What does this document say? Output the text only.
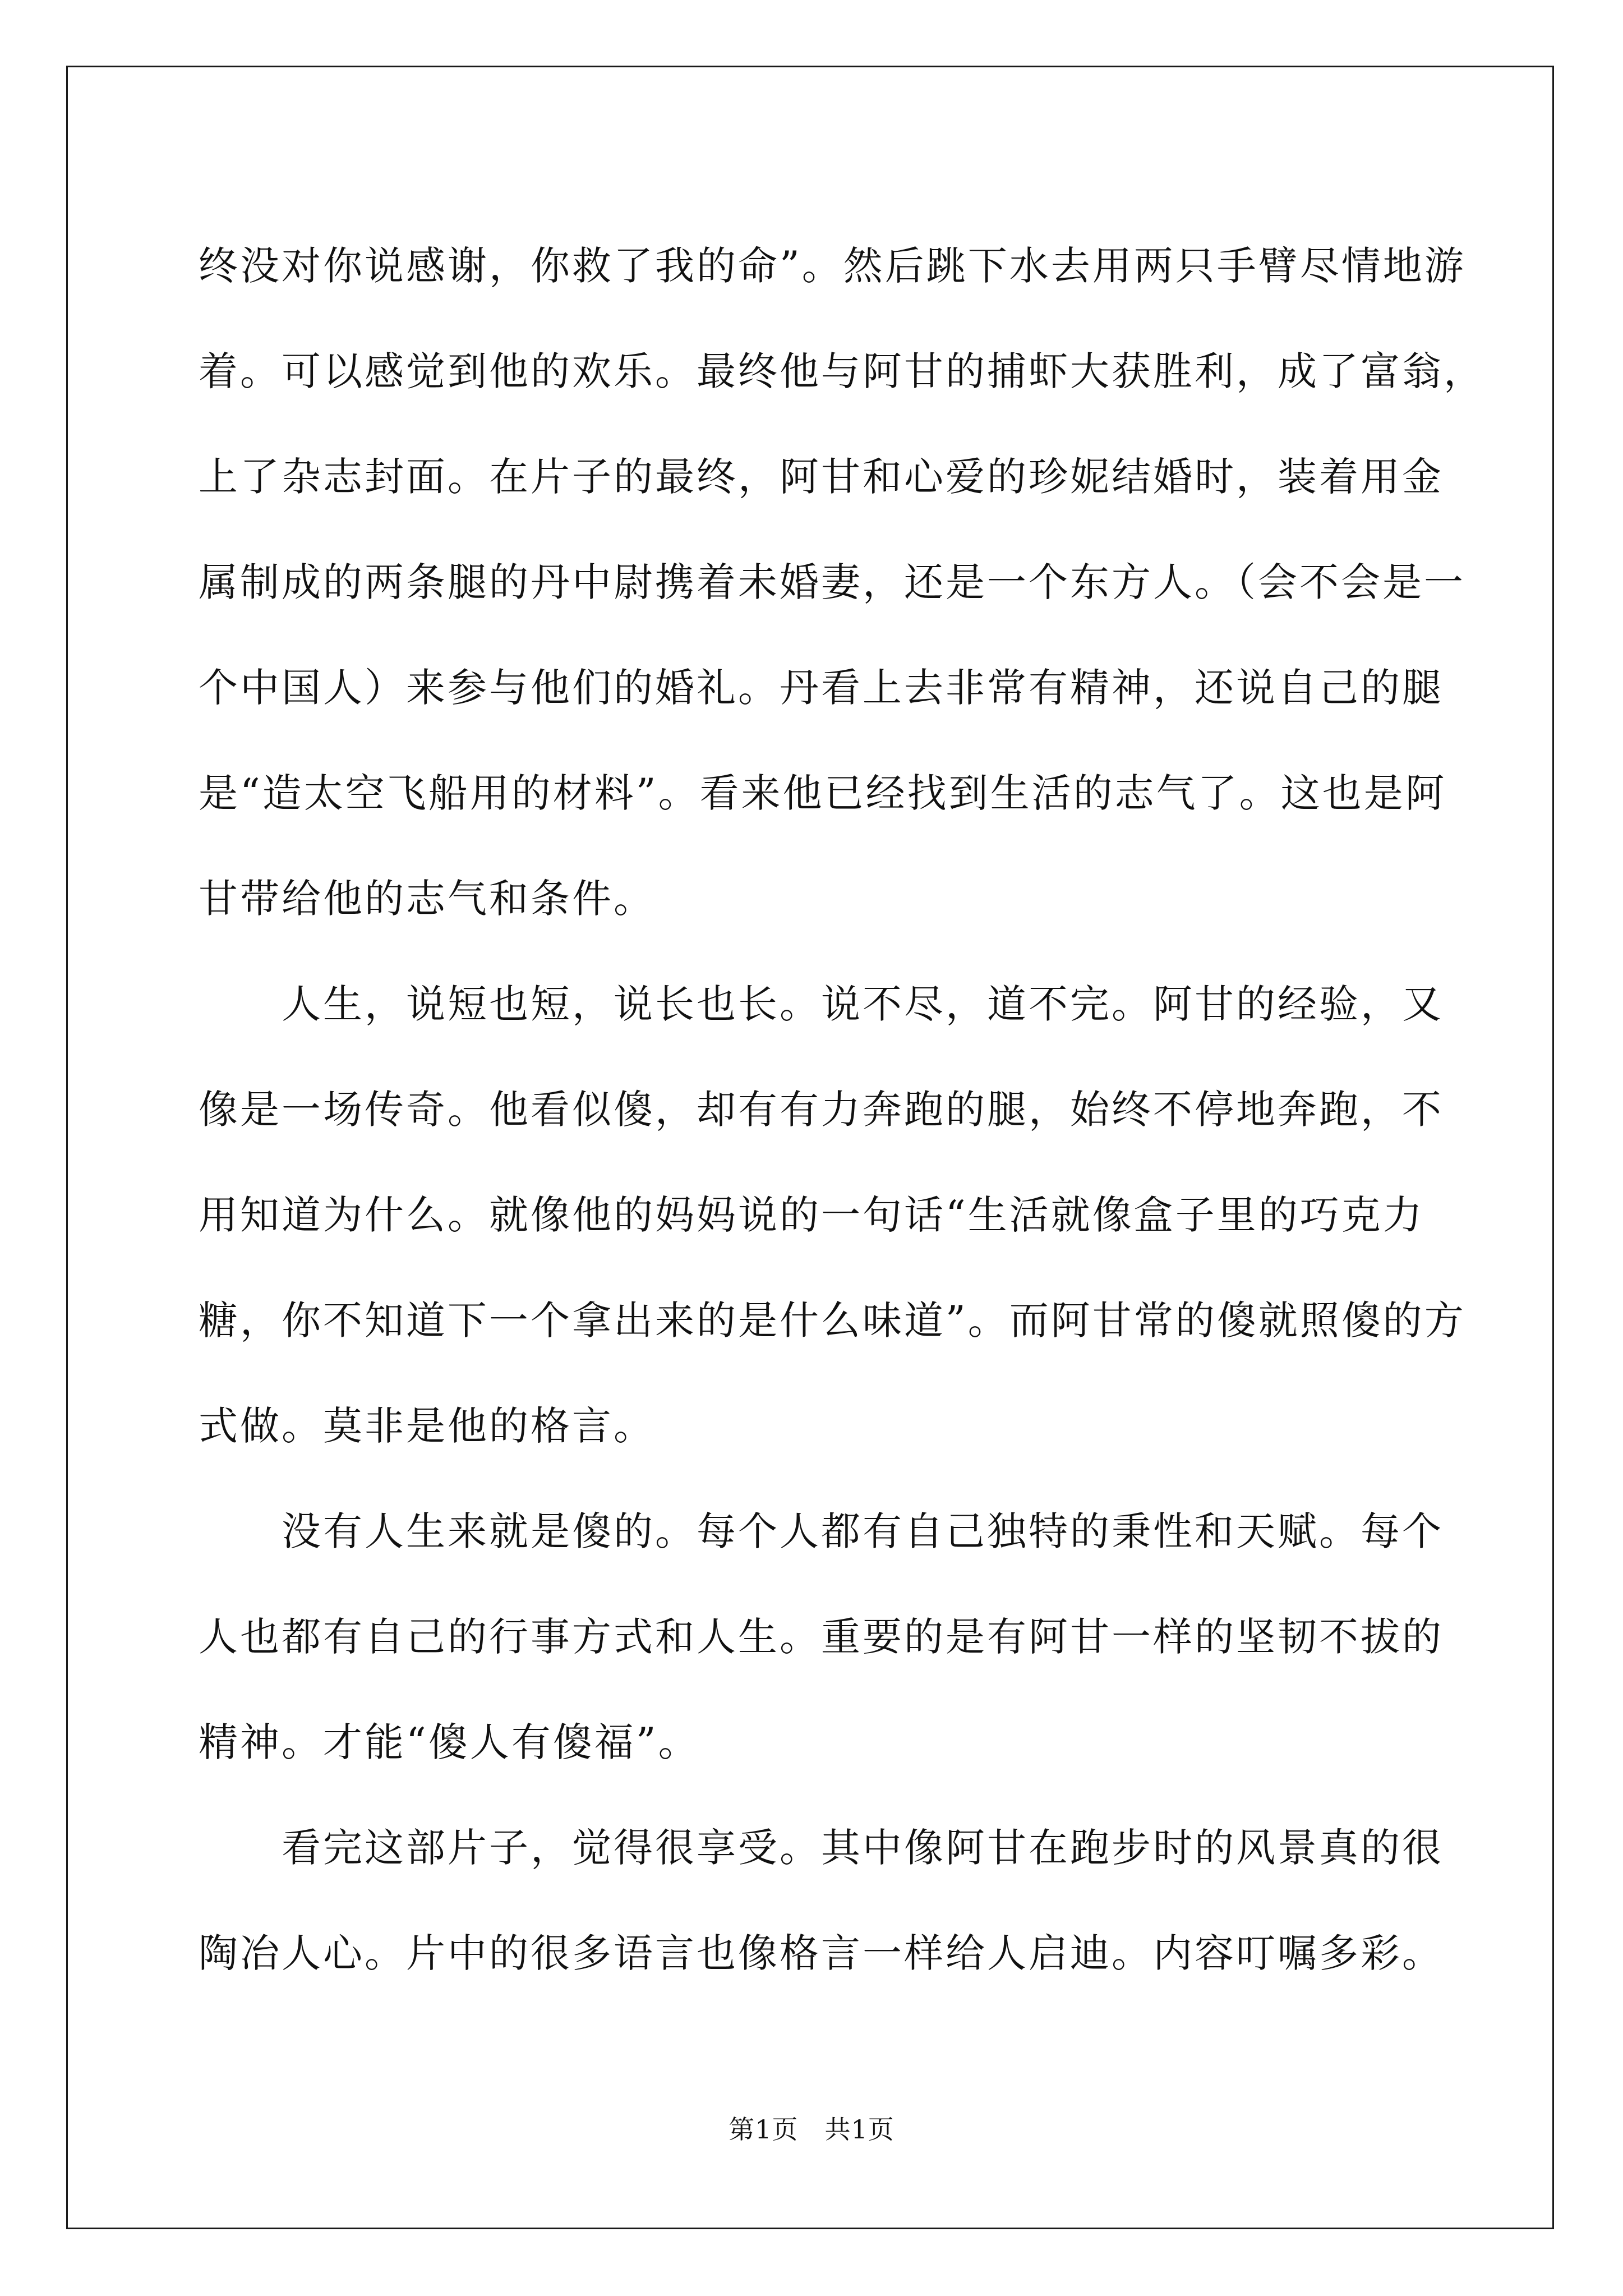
终没对你说感谢，你救了我的命”。然后跳下水去用两只手臂尽情地游
着。可以感觉到他的欢乐。最终他与阿甘的捕虾大获胜利，成了富翁，
上了杂志封面。在片子的最终，阿甘和心爱的珍妮结婚时，装着用金
属制成的两条腿的丹中尉携着未婚妻，还是一个东方人。（会不会是一
个中国人）来参与他们的婚礼。丹看上去非常有精神，还说自己的腿
是“造太空飞船用的材料”。看来他已经找到生活的志气了。这也是阿
甘带给他的志气和条件。
　　人生，说短也短，说长也长。说不尽，道不完。阿甘的经验，又
像是一场传奇。他看似傻，却有有力奔跑的腿，始终不停地奔跑，不
用知道为什么。就像他的妈妈说的一句话“生活就像盒子里的巧克力
糖，你不知道下一个拿出来的是什么味道”。而阿甘常的傻就照傻的方
式做。莫非是他的格言。
　　没有人生来就是傻的。每个人都有自己独特的秉性和天赋。每个
人也都有自己的行事方式和人生。重要的是有阿甘一样的坚韧不拔的
精神。才能“傻人有傻福”。
　　看完这部片子，觉得很享受。其中像阿甘在跑步时的风景真的很
陶冶人心。片中的很多语言也像格言一样给人启迪。内容叮嘱多彩。
第1页　共1页
